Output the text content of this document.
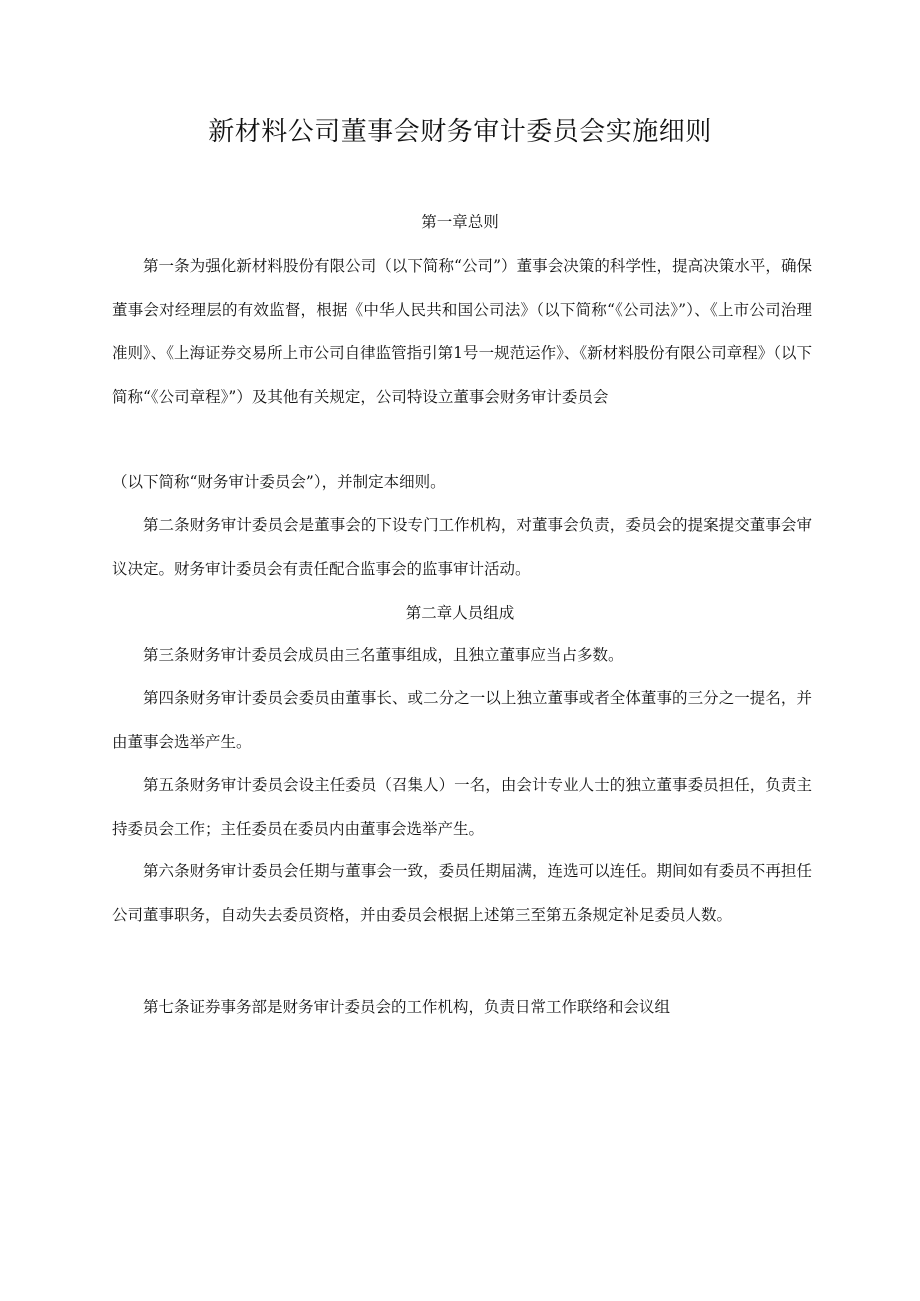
新材料公司董事会财务审计委员会实施细则
第一章总则

第一条为强化新材料股份有限公司（以下简称“公司”）董事会决策的科学性，提高决策水平，确保董事会对经理层的有效监督，根据《中华人民共和国公司法》（以下简称“《公司法》”）、《上市公司治理准则》、《上海证券交易所上市公司自律监管指引第1号一规范运作》、《新材料股份有限公司章程》（以下简称“《公司章程》”）及其他有关规定，公司特设立董事会财务审计委员会

（以下简称“财务审计委员会”），并制定本细则。

第二条财务审计委员会是董事会的下设专门工作机构，对董事会负责，委员会的提案提交董事会审议决定。财务审计委员会有责任配合监事会的监事审计活动。

第二章人员组成

第三条财务审计委员会成员由三名董事组成，且独立董事应当占多数。

第四条财务审计委员会委员由董事长、或二分之一以上独立董事或者全体董事的三分之一提名，并由董事会选举产生。

第五条财务审计委员会设主任委员（召集人）一名，由会计专业人士的独立董事委员担任，负责主持委员会工作；主任委员在委员内由董事会选举产生。

第六条财务审计委员会任期与董事会一致，委员任期届满，连选可以连任。期间如有委员不再担任公司董事职务，自动失去委员资格，并由委员会根据上述第三至第五条规定补足委员人数。

第七条证券事务部是财务审计委员会的工作机构，负责日常工作联络和会议组
